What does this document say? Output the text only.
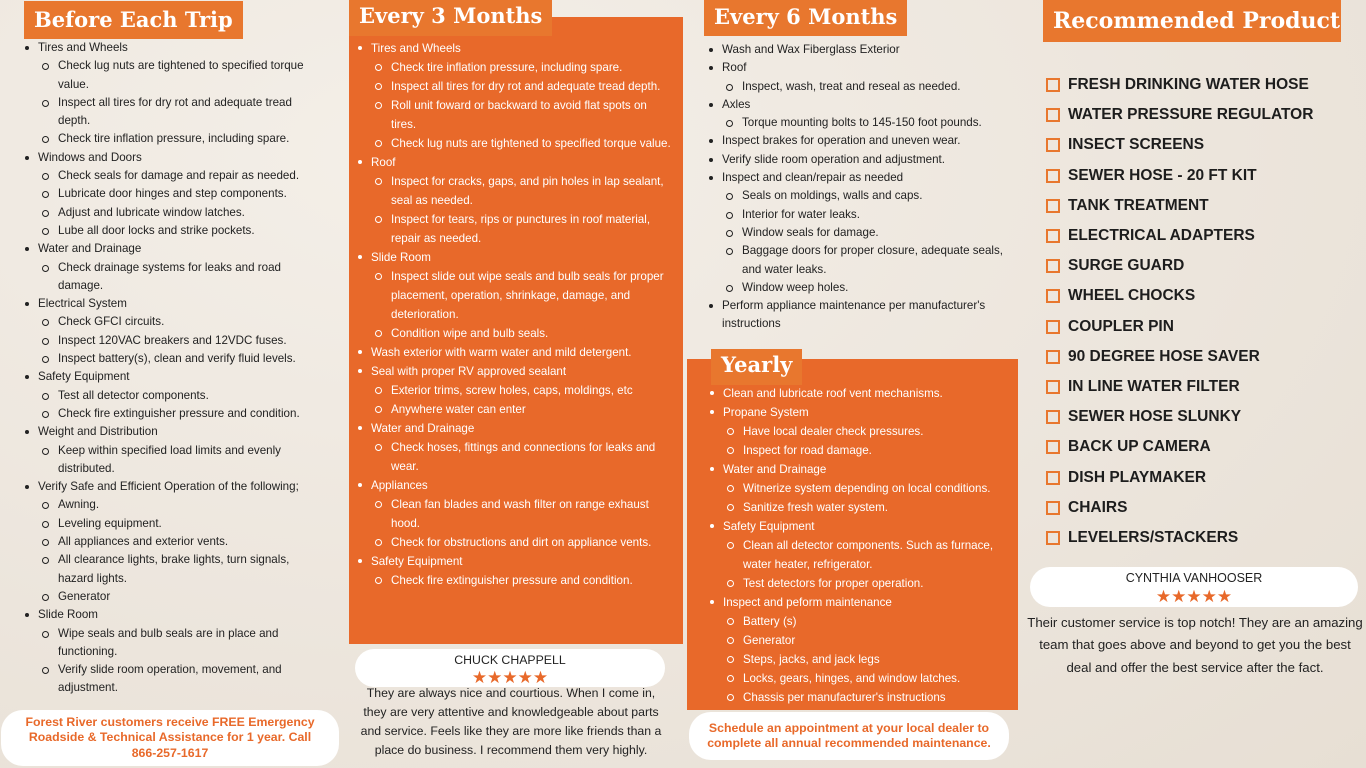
Before Each Trip
Tires and Wheels
Check lug nuts are tightened to specified torque value.
Inspect all tires for dry rot and adequate tread depth.
Check tire inflation pressure, including spare.
Windows and Doors
Check seals for damage and repair as needed.
Lubricate door hinges and step components.
Adjust and lubricate window latches.
Lube all door locks and strike pockets.
Water and Drainage
Check drainage systems for leaks and road damage.
Electrical System
Check GFCI circuits.
Inspect 120VAC breakers and 12VDC fuses.
Inspect battery(s), clean and verify fluid levels.
Safety Equipment
Test all detector components.
Check fire extinguisher pressure and condition.
Weight and Distribution
Keep within specified load limits and evenly distributed.
Verify Safe and Efficient Operation of the following;
Awning.
Leveling equipment.
All appliances and exterior vents.
All clearance lights, brake lights, turn signals, hazard lights.
Generator
Slide Room
Wipe seals and bulb seals are in place and functioning.
Verify slide room operation, movement, and adjustment.
Tires and Wheels
Check tire inflation pressure, including spare.
Inspect all tires for dry rot and adequate tread depth.
Roll unit foward or backward to avoid flat spots on tires.
Check lug nuts are tightened to specified torque value.
Roof
Inspect for cracks, gaps, and pin holes in lap sealant, seal as needed.
Inspect for tears, rips or punctures in roof material, repair as needed.
Slide Room
Inspect slide out wipe seals and bulb seals for proper placement, operation, shrinkage, damage, and deterioration.
Condition wipe and bulb seals.
Wash exterior with warm water and mild detergent.
Seal with proper RV approved sealant
Exterior trims, screw holes, caps, moldings, etc
Anywhere water can enter
Water and Drainage
Check hoses, fittings and connections for leaks and wear.
Appliances
Clean fan blades and wash filter on range exhaust hood.
Check for obstructions and dirt on appliance vents.
Safety Equipment
Check fire extinguisher pressure and condition.
Every 3 Months	Every 6 Months
Wash and Wax Fiberglass Exterior
Roof
Inspect, wash, treat and reseal as needed.
Axles
Torque mounting bolts to 145-150 foot pounds.
Inspect brakes for operation and uneven wear.
Verify slide room operation and adjustment.
Inspect and clean/repair as needed
Seals on moldings, walls and caps.
Interior for water leaks.
Window seals for damage.
Baggage doors for proper closure, adequate seals, and water leaks.
Window weep holes.
Perform appliance maintenance per manufacturer's instructions
Clean and lubricate roof vent mechanisms.
Propane System
Have local dealer check pressures.
Inspect for road damage.
Water and Drainage
Witnerize system depending on local conditions.
Sanitize fresh water system.
Safety Equipment
Clean all detector components. Such as furnace, water heater, refrigerator.
Test detectors for proper operation.
Inspect and peform maintenance
Battery (s)
Generator
Steps, jacks, and jack legs
Locks, gears, hinges, and window latches.
Chassis per manufacturer's instructions
Yearly
Recommended Product
FRESH DRINKING WATER HOSE
WATER PRESSURE REGULATOR
INSECT SCREENS
SEWER HOSE - 20 FT KIT
TANK TREATMENT
ELECTRICAL ADAPTERS
SURGE GUARD
WHEEL CHOCKS
COUPLER PIN
90 DEGREE HOSE SAVER
IN LINE WATER FILTER
SEWER HOSE SLUNKY
BACK UP CAMERA
DISH PLAYMAKER
CHAIRS
LEVELERS/STACKERS
CYNTHIA VANHOOSER
★★★★★
Their customer service is top notch! They are an amazing team that goes above and beyond to get you the best deal and offer the best service after the fact.
CHUCK CHAPPELL
★★★★★
They are always nice and courtious. When I come in, they are very attentive and knowledgeable about parts and service. Feels like they are more like friends than a place do business. I recommend them very highly.
Forest River customers receive FREE Emergency Roadside & Technical Assistance for 1 year. Call 866-257-1617
Schedule an appointment at your local dealer to complete all annual recommended maintenance.
